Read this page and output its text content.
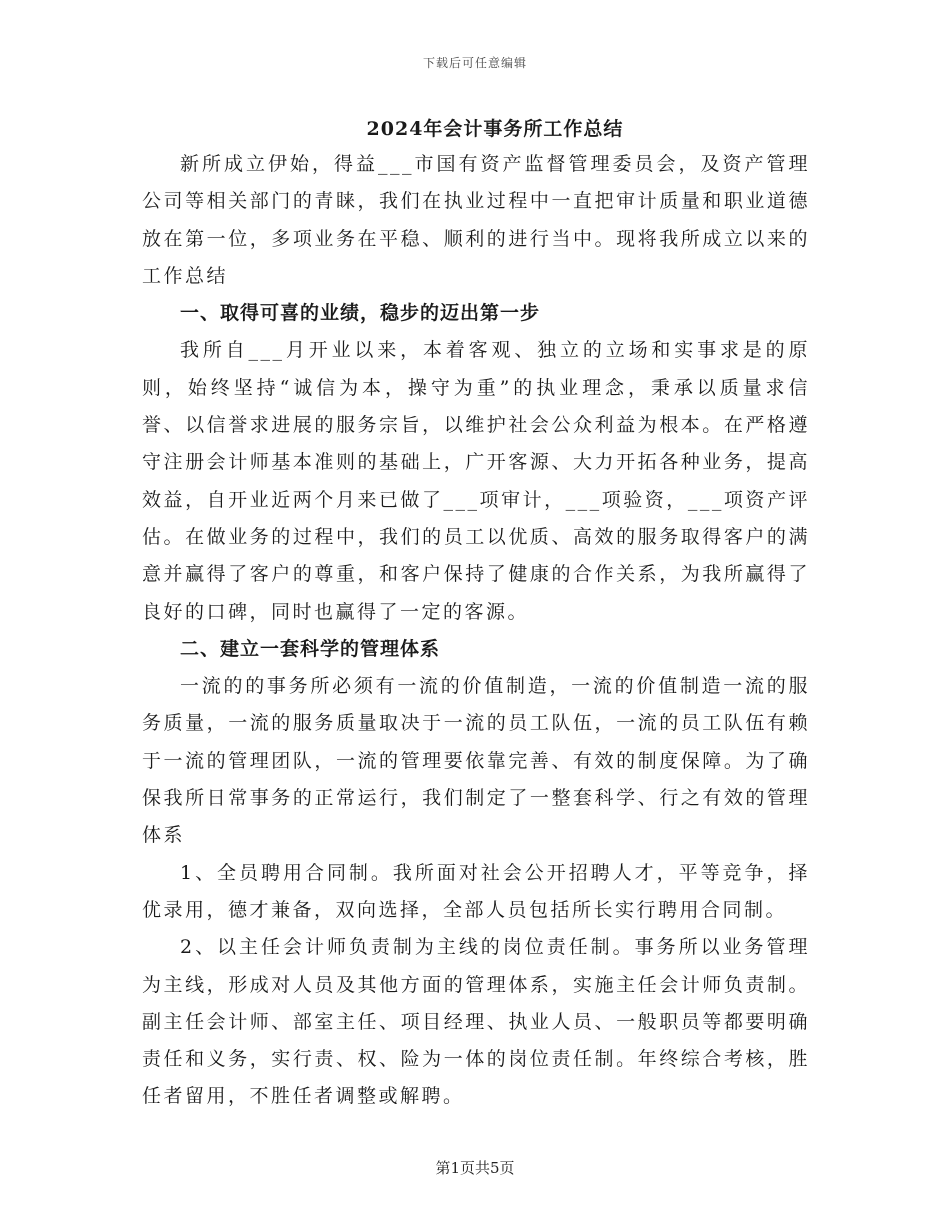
下载后可任意编辑
2024年会计事务所工作总结

新所成立伊始，得益___市国有资产监督管理委员会，及资产管理公司等相关部门的青睐，我们在执业过程中一直把审计质量和职业道德放在第一位，多项业务在平稳、顺利的进行当中。现将我所成立以来的工作总结

一、取得可喜的业绩，稳步的迈出第一步

我所自___月开业以来，本着客观、独立的立场和实事求是的原则，始终坚持“诚信为本，操守为重”的执业理念，秉承以质量求信誉、以信誉求进展的服务宗旨，以维护社会公众利益为根本。在严格遵守注册会计师基本准则的基础上，广开客源、大力开拓各种业务，提高效益，自开业近两个月来已做了___项审计，___项验资，___项资产评估。在做业务的过程中，我们的员工以优质、高效的服务取得客户的满意并赢得了客户的尊重，和客户保持了健康的合作关系，为我所赢得了良好的口碑，同时也赢得了一定的客源。

二、建立一套科学的管理体系

一流的的事务所必须有一流的价值制造，一流的价值制造一流的服务质量，一流的服务质量取决于一流的员工队伍，一流的员工队伍有赖于一流的管理团队，一流的管理要依靠完善、有效的制度保障。为了确保我所日常事务的正常运行，我们制定了一整套科学、行之有效的管理体系

1、全员聘用合同制。我所面对社会公开招聘人才，平等竞争，择优录用，德才兼备，双向选择，全部人员包括所长实行聘用合同制。

2、以主任会计师负责制为主线的岗位责任制。事务所以业务管理为主线，形成对人员及其他方面的管理体系，实施主任会计师负责制。副主任会计师、部室主任、项目经理、执业人员、一般职员等都要明确责任和义务，实行责、权、险为一体的岗位责任制。年终综合考核，胜任者留用，不胜任者调整或解聘。

第1页共5页
